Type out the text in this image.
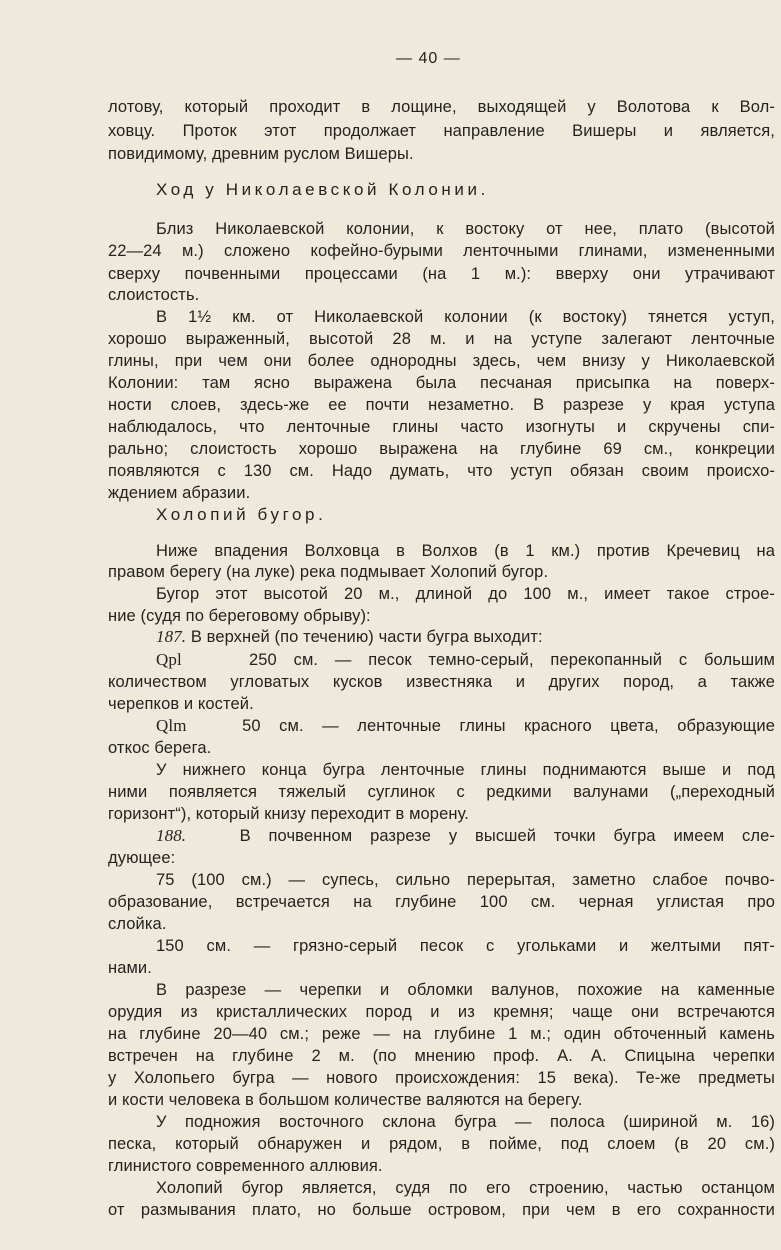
— 40 —
лотову, который проходит в лощине, выходящей у Волотова к Вол-
ховцу. Проток этот продолжает направление Вишеры и является,
повидимому, древним руслом Вишеры.
Ход у Николаевской Колонии.
Близ Николаевской колонии, к востоку от нее, плато (высотой
22—24 м.) сложено кофейно-бурыми ленточными глинами, измененными
сверху почвенными процессами (на 1 м.): вверху они утрачивают
слоистость.
В 1½ км. от Николаевской колонии (к востоку) тянется уступ,
хорошо выраженный, высотой 28 м. и на уступе залегают ленточные
глины, при чем они более однородны здесь, чем внизу у Николаевской
Колонии: там ясно выражена была песчаная присыпка на поверх-
ности слоев, здесь-же ее почти незаметно. В разрезе у края уступа
наблюдалось, что ленточные глины часто изогнуты и скручены спи-
рально; слоистость хорошо выражена на глубине 69 см., конкреции
появляются с 130 см. Надо думать, что уступ обязан своим происхо-
ждением абразии.
Холопий бугор.
Ниже впадения Волховца в Волхов (в 1 км.) против Кречевиц на
правом берегу (на луке) река подмывает Холопий бугор.
Бугор этот высотой 20 м., длиной до 100 м., имеет такое строе-
ние (судя по береговому обрыву):
187. В верхней (по течению) части бугра выходит:
Qpl	250 см. — песок темно-серый, перекопанный с большим
количеством угловатых кусков известняка и других пород, а также
черепков и костей.
Qlm	50 см. — ленточные глины красного цвета, образующие
откос берега.
У нижнего конца бугра ленточные глины поднимаются выше и под
ними появляется тяжелый суглинок с редкими валунами („переходный
горизонт“), который книзу переходит в морену.
188.	В почвенном разрезе у высшей точки бугра имеем сле-
дующее:
75 (100 см.) — супесь, сильно перерытая, заметно слабое почво-
образование, встречается на глубине 100 см. черная углистая про
слойка.
150 см. — грязно-серый песок с угольками и желтыми пят-
нами.
В разрезе — черепки и обломки валунов, похожие на каменные
орудия из кристаллических пород и из кремня; чаще они встречаются
на глубине 20—40 см.; реже — на глубине 1 м.; один обточенный камень
встречен на глубине 2 м. (по мнению проф. А. А. Спицына черепки
у Холопьего бугра — нового происхождения: 15 века). Те-же предметы
и кости человека в большом количестве валяются на берегу.
У подножия восточного склона бугра — полоса (шириной м. 16)
песка, который обнаружен и рядом, в пойме, под слоем (в 20 см.)
глинистого современного аллювия.
Холопий бугор является, судя по его строению, частью останцом
от размывания плато, но больше островом, при чем в его сохранности
